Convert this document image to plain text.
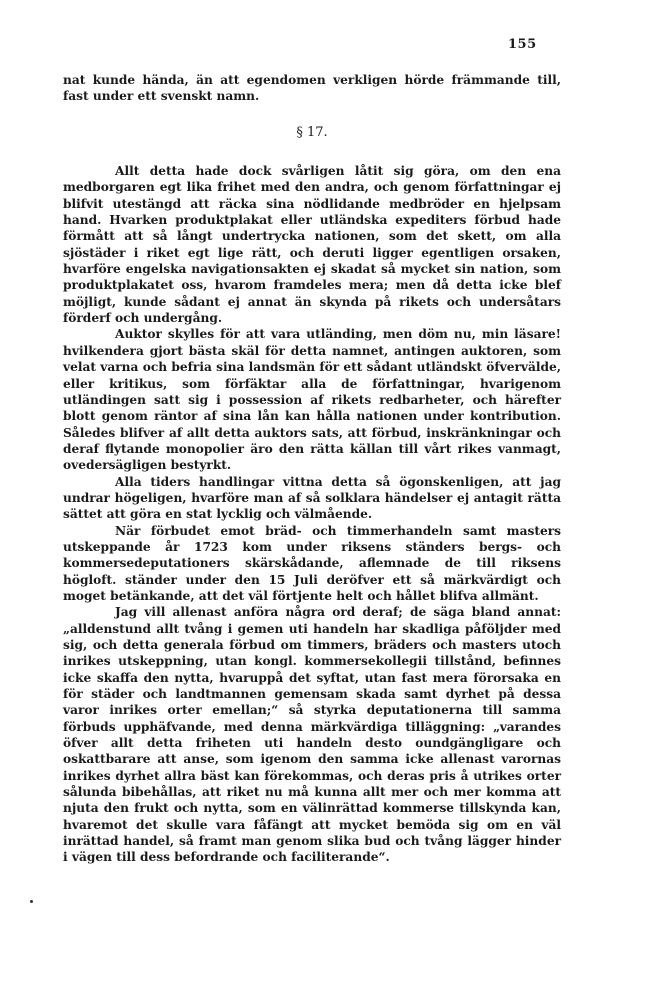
155

nat kunde hända, än att egendomen verkligen hörde främmande till, fast under ett svenskt namn.

§ 17.

Allt detta hade dock svårligen låtit sig göra, om den ena medborgaren egt lika frihet med den andra, och genom författningar ej blifvit utestängd att räcka sina nödlidande medbröder en hjelpsam hand. Hvarken produktplakat eller utländska expediters förbud hade förmått att så långt undertrycka nationen, som det skett, om alla sjöstäder i riket egt lige rätt, och deruti ligger egentligen orsaken, hvarföre engelska navigationsakten ej skadat så mycket sin nation, som produktplakatet oss, hvarom framdeles mera; men då detta icke blef möjligt, kunde sådant ej annat än skynda på rikets och undersåtars förderf och undergång.

Auktor skylles för att vara utländing, men döm nu, min läsare! hvilkendera gjort bästa skäl för detta namnet, antingen auktoren, som velat varna och befria sina landsmän för ett sådant utländskt öfvervälde, eller kritikus, som förfäktar alla de författningar, hvarigenom utländingen satt sig i possession af rikets redbarheter, och härefter blott genom räntor af sina lån kan hålla nationen under kontribution. Således blifver af allt detta auktors sats, att förbud, inskränkningar och deraf flytande monopolier äro den rätta källan till vårt rikes vanmagt, ovedersägligen bestyrkt.

Alla tiders handlingar vittna detta så ögonskenligen, att jag undrar högeligen, hvarföre man af så solklara händelser ej antagit rätta sättet att göra en stat lycklig och välmående.

När förbudet emot bräd- och timmerhandeln samt masters utskeppande år 1723 kom under riksens ständers bergs- och kommersedeputationers skärskådande, aflemnade de till riksens högloft. ständer under den 15 Juli deröfver ett så märkvärdigt och moget betänkande, att det väl förtjente helt och hållet blifva allmänt.

Jag vill allenast anföra några ord deraf; de säga bland annat: „alldenstund allt tvång i gemen uti handeln har skadliga påföljder med sig, och detta generala förbud om timmers, bräders och masters utoch inrikes utskeppning, utan kongl. kommersekollegii tillstånd, befinnes icke skaffa den nytta, hvaruppå det syftat, utan fast mera förorsaka en för städer och landtmannen gemensam skada samt dyrhet på dessa varor inrikes orter emellan;“ så styrka deputationerna till samma förbuds upphäfvande, med denna märkvärdiga tilläggning: „varandes öfver allt detta friheten uti handeln desto oundgängligare och oskattbarare att anse, som igenom den samma icke allenast varornas inrikes dyrhet allra bäst kan förekommas, och deras pris å utrikes orter sålunda bibehållas, att riket nu må kunna allt mer och mer komma att njuta den frukt och nytta, som en välinrättad kommerse tillskynda kan, hvaremot det skulle vara fåfängt att mycket bemöda sig om en väl inrättad handel, så framt man genom slika bud och tvång lägger hinder i vägen till dess befordrande och faciliterande“.
